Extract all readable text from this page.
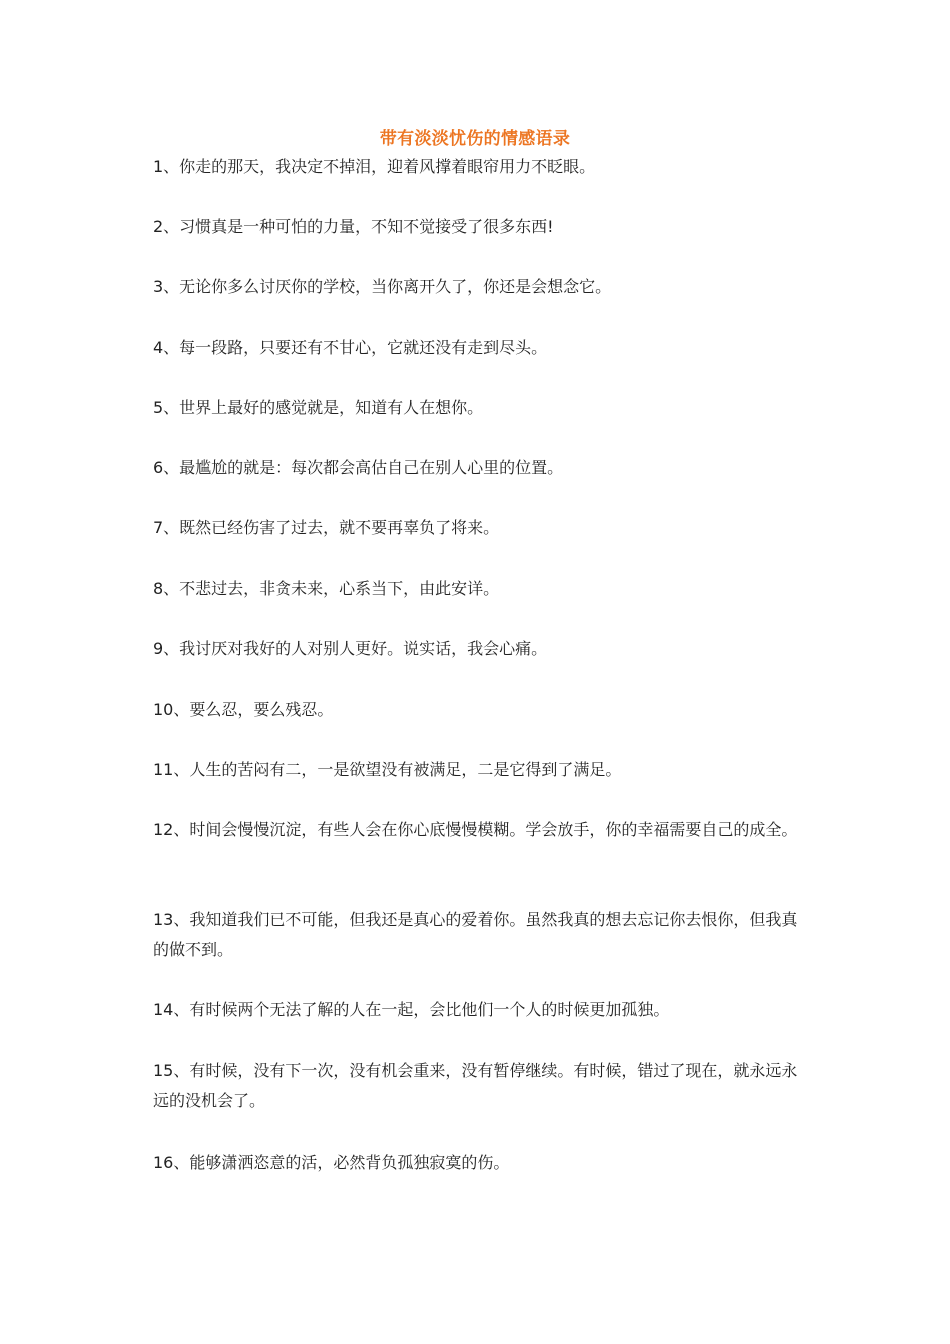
带有淡淡忧伤的情感语录
1、你走的那天，我决定不掉泪，迎着风撑着眼帘用力不眨眼。
2、习惯真是一种可怕的力量，不知不觉接受了很多东西!
3、无论你多么讨厌你的学校，当你离开久了，你还是会想念它。
4、每一段路，只要还有不甘心，它就还没有走到尽头。
5、世界上最好的感觉就是，知道有人在想你。
6、最尴尬的就是：每次都会高估自己在别人心里的位置。
7、既然已经伤害了过去，就不要再辜负了将来。
8、不悲过去，非贪未来，心系当下，由此安详。
9、我讨厌对我好的人对别人更好。说实话，我会心痛。
10、要么忍，要么残忍。
11、人生的苦闷有二，一是欲望没有被满足，二是它得到了满足。
12、时间会慢慢沉淀，有些人会在你心底慢慢模糊。学会放手，你的幸福需要自己的成全。
13、我知道我们已不可能，但我还是真心的爱着你。虽然我真的想去忘记你去恨你，但我真的做不到。
14、有时候两个无法了解的人在一起，会比他们一个人的时候更加孤独。
15、有时候，没有下一次，没有机会重来，没有暂停继续。有时候，错过了现在，就永远永远的没机会了。
16、能够潇洒恣意的活，必然背负孤独寂寞的伤。
